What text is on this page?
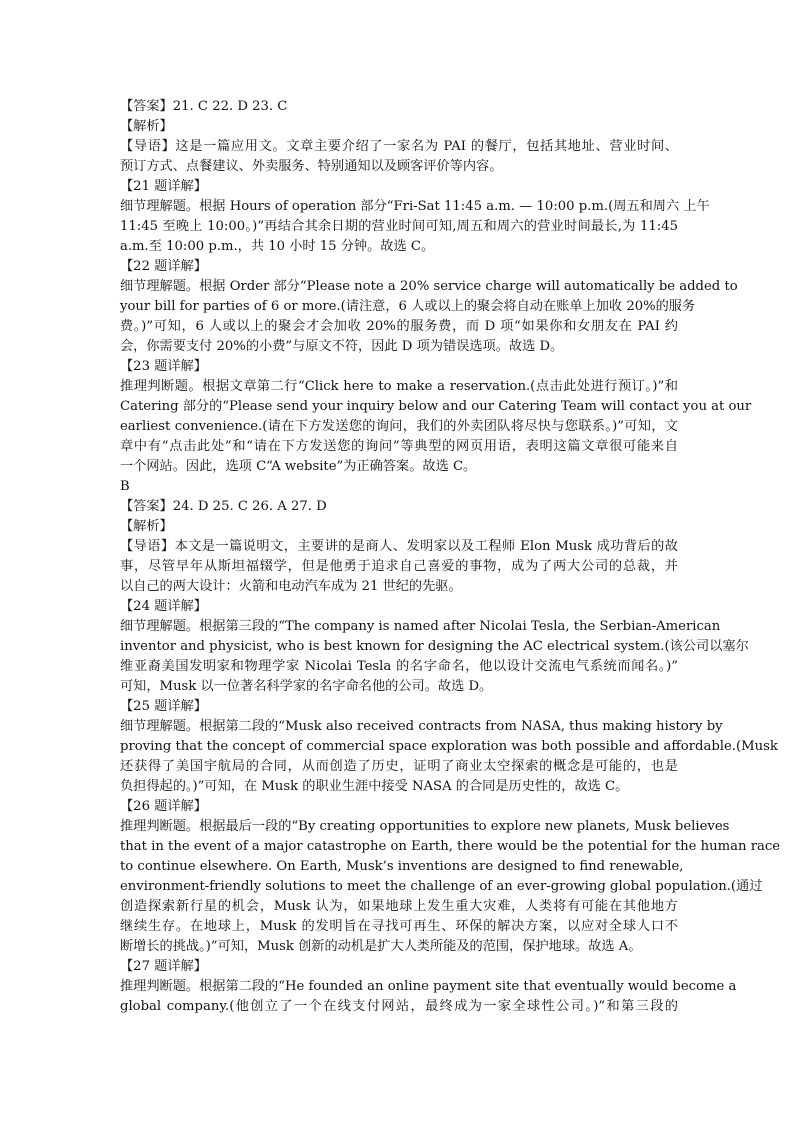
【答案】21. C 22. D 23. C
【解析】
【导语】这是一篇应用文。文章主要介绍了一家名为 PAI 的餐厅，包括其地址、营业时间、
预订方式、点餐建议、外卖服务、特别通知以及顾客评价等内容。
【21 题详解】
细节理解题。根据 Hours of operation 部分“Fri-Sat 11:45 a.m. — 10:00 p.m.(周五和周六 上午
11:45 至晚上 10:00。)”再结合其余日期的营业时间可知,周五和周六的营业时间最长,为 11:45
a.m.至 10:00 p.m.，共 10 小时 15 分钟。故选 C。
【22 题详解】
细节理解题。根据 Order 部分“Please note a 20% service charge will automatically be added to
your bill for parties of 6 or more.(请注意，6 人或以上的聚会将自动在账单上加收 20%的服务
费。)”可知，6 人或以上的聚会才会加收 20%的服务费，而 D 项“如果你和女朋友在 PAI 约
会，你需要支付 20%的小费”与原文不符，因此 D 项为错误选项。故选 D。
【23 题详解】
推理判断题。根据文章第二行“Click here to make a reservation.(点击此处进行预订。)”和
Catering 部分的“Please send your inquiry below and our Catering Team will contact you at our
earliest convenience.(请在下方发送您的询问，我们的外卖团队将尽快与您联系。)”可知，文
章中有“点击此处”和“请在下方发送您的询问”等典型的网页用语，表明这篇文章很可能来自
一个网站。因此，选项 C“A website”为正确答案。故选 C。
B
【答案】24. D 25. C 26. A 27. D
【解析】
【导语】本文是一篇说明文，主要讲的是商人、发明家以及工程师 Elon Musk 成功背后的故
事，尽管早年从斯坦福辍学，但是他勇于追求自己喜爱的事物，成为了两大公司的总裁，并
以自己的两大设计：火箭和电动汽车成为 21 世纪的先驱。
【24 题详解】
细节理解题。根据第三段的“The company is named after Nicolai Tesla, the Serbian-American
inventor and physicist, who is best known for designing the AC electrical system.(该公司以塞尔
维亚裔美国发明家和物理学家 Nicolai Tesla 的名字命名，他以设计交流电气系统而闻名。)”
可知，Musk 以一位著名科学家的名字命名他的公司。故选 D。
【25 题详解】
细节理解题。根据第二段的“Musk also received contracts from NASA, thus making history by
proving that the concept of commercial space exploration was both possible and affordable.(Musk
还获得了美国宇航局的合同，从而创造了历史，证明了商业太空探索的概念是可能的，也是
负担得起的。)”可知，在 Musk 的职业生涯中接受 NASA 的合同是历史性的，故选 C。
【26 题详解】
推理判断题。根据最后一段的“By creating opportunities to explore new planets, Musk believes
that in the event of a major catastrophe on Earth, there would be the potential for the human race
to continue elsewhere. On Earth, Musk’s inventions are designed to find renewable,
environment-friendly solutions to meet the challenge of an ever-growing global population.(通过
创造探索新行星的机会，Musk 认为，如果地球上发生重大灾难，人类将有可能在其他地方
继续生存。在地球上，Musk 的发明旨在寻找可再生、环保的解决方案，以应对全球人口不
断增长的挑战。)”可知，Musk 创新的动机是扩大人类所能及的范围，保护地球。故选 A。
【27 题详解】
推理判断题。根据第二段的“He founded an online payment site that eventually would become a
global company.(他创立了一个在线支付网站，最终成为一家全球性公司。)”和第三段的
